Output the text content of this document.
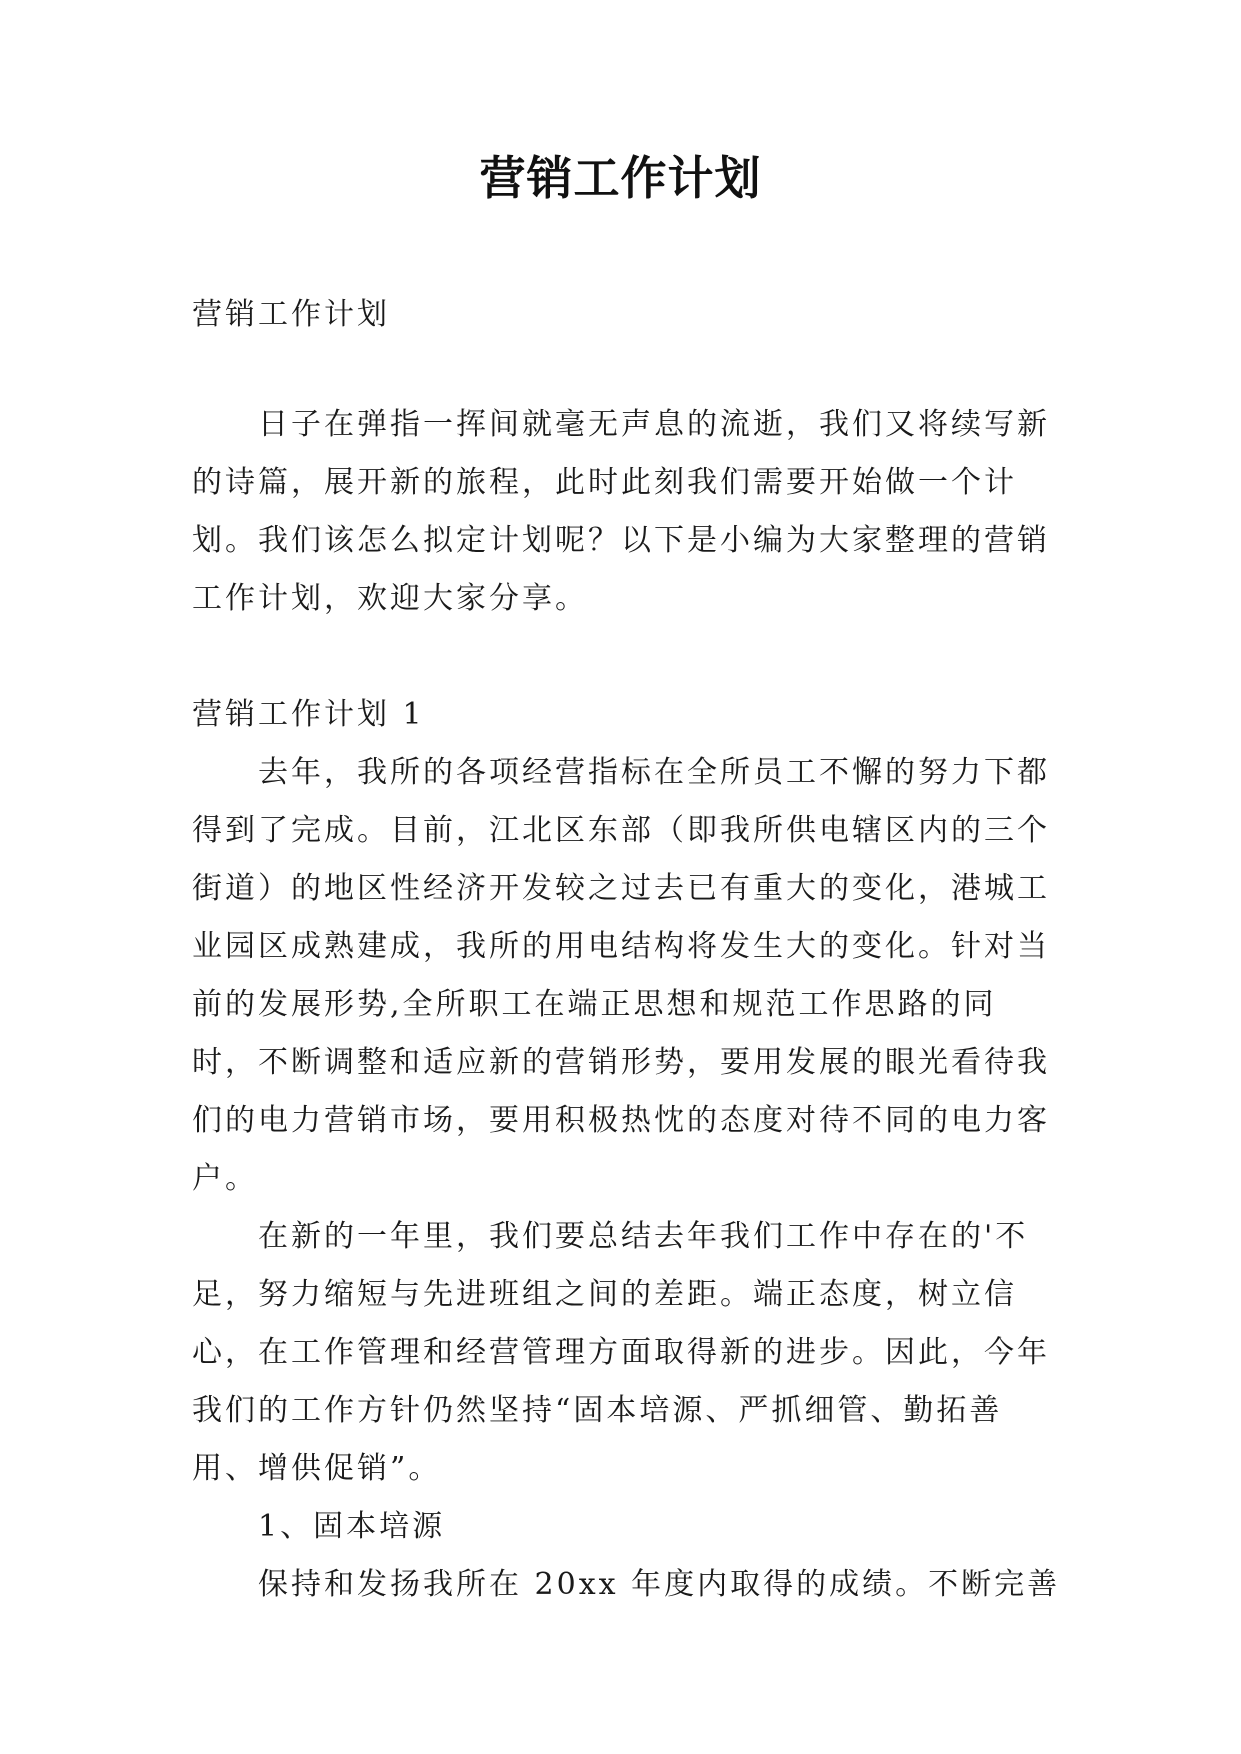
营销工作计划

营销工作计划

日子在弹指一挥间就毫无声息的流逝，我们又将续写新的诗篇，展开新的旅程，此时此刻我们需要开始做一个计划。我们该怎么拟定计划呢？以下是小编为大家整理的营销工作计划，欢迎大家分享。

营销工作计划 1

去年，我所的各项经营指标在全所员工不懈的努力下都得到了完成。目前，江北区东部（即我所供电辖区内的三个街道）的地区性经济开发较之过去已有重大的变化，港城工业园区成熟建成，我所的用电结构将发生大的变化。针对当前的发展形势,全所职工在端正思想和规范工作思路的同时，不断调整和适应新的营销形势，要用发展的眼光看待我们的电力营销市场，要用积极热忱的态度对待不同的电力客户。

在新的一年里，我们要总结去年我们工作中存在的'不足，努力缩短与先进班组之间的差距。端正态度，树立信心，在工作管理和经营管理方面取得新的进步。因此，今年我们的工作方针仍然坚持“固本培源、严抓细管、勤拓善用、增供促销”。

1、固本培源

保持和发扬我所在 20xx 年度内取得的成绩。不断完善
